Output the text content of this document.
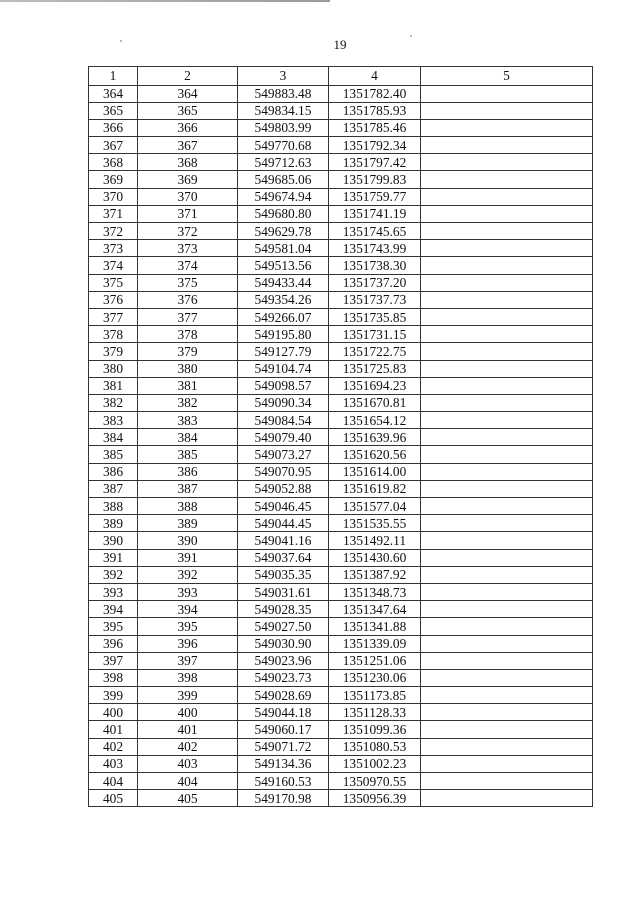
19
1	2	3	4	5
364	364	549883.48	1351782.40	
365	365	549834.15	1351785.93	
366	366	549803.99	1351785.46	
367	367	549770.68	1351792.34	
368	368	549712.63	1351797.42	
369	369	549685.06	1351799.83	
370	370	549674.94	1351759.77	
371	371	549680.80	1351741.19	
372	372	549629.78	1351745.65	
373	373	549581.04	1351743.99	
374	374	549513.56	1351738.30	
375	375	549433.44	1351737.20	
376	376	549354.26	1351737.73	
377	377	549266.07	1351735.85	
378	378	549195.80	1351731.15	
379	379	549127.79	1351722.75	
380	380	549104.74	1351725.83	
381	381	549098.57	1351694.23	
382	382	549090.34	1351670.81	
383	383	549084.54	1351654.12	
384	384	549079.40	1351639.96	
385	385	549073.27	1351620.56	
386	386	549070.95	1351614.00	
387	387	549052.88	1351619.82	
388	388	549046.45	1351577.04	
389	389	549044.45	1351535.55	
390	390	549041.16	1351492.11	
391	391	549037.64	1351430.60	
392	392	549035.35	1351387.92	
393	393	549031.61	1351348.73	
394	394	549028.35	1351347.64	
395	395	549027.50	1351341.88	
396	396	549030.90	1351339.09	
397	397	549023.96	1351251.06	
398	398	549023.73	1351230.06	
399	399	549028.69	1351173.85	
400	400	549044.18	1351128.33	
401	401	549060.17	1351099.36	
402	402	549071.72	1351080.53	
403	403	549134.36	1351002.23	
404	404	549160.53	1350970.55	
405	405	549170.98	1350956.39	
